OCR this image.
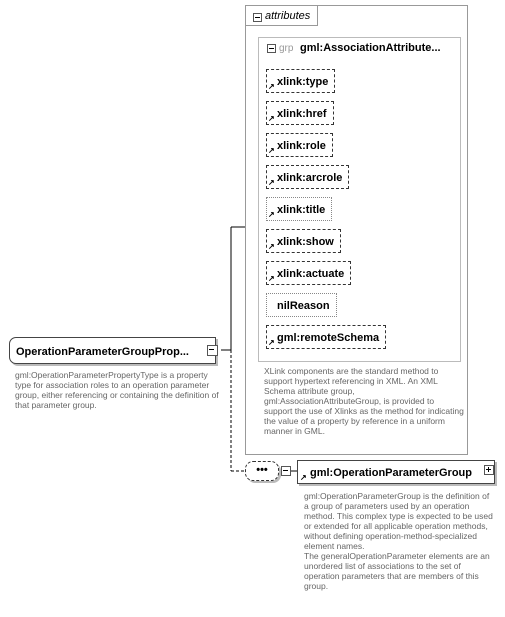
attributes
grp gml:AssociationAttribute...
xlink:type
↗
xlink:href
↗
xlink:role
↗
xlink:arcrole
↗
xlink:title
↗
xlink:show
↗
xlink:actuate
↗
nilReason
gml:remoteSchema
↗
XLink components are the standard method to support hypertext referencing in XML. An XML Schema attribute group, gml:AssociationAttributeGroup, is provided to support the use of Xlinks as the method for indicating the value of a property by reference in a uniform manner in GML.
OperationParameterGroupProp...
gml:OperationParameterPropertyType is a property type for association roles to an operation parameter group, either referencing or containing the definition of that parameter group.
•••
↗ gml:OperationParameterGroup
gml:OperationParameterGroup is the definition of a group of parameters used by an operation method. This complex type is expected to be used or extended for all applicable operation methods, without defining operation-method-specialized element names.
The generalOperationParameter elements are an unordered list of associations to the set of operation parameters that are members of this group.
